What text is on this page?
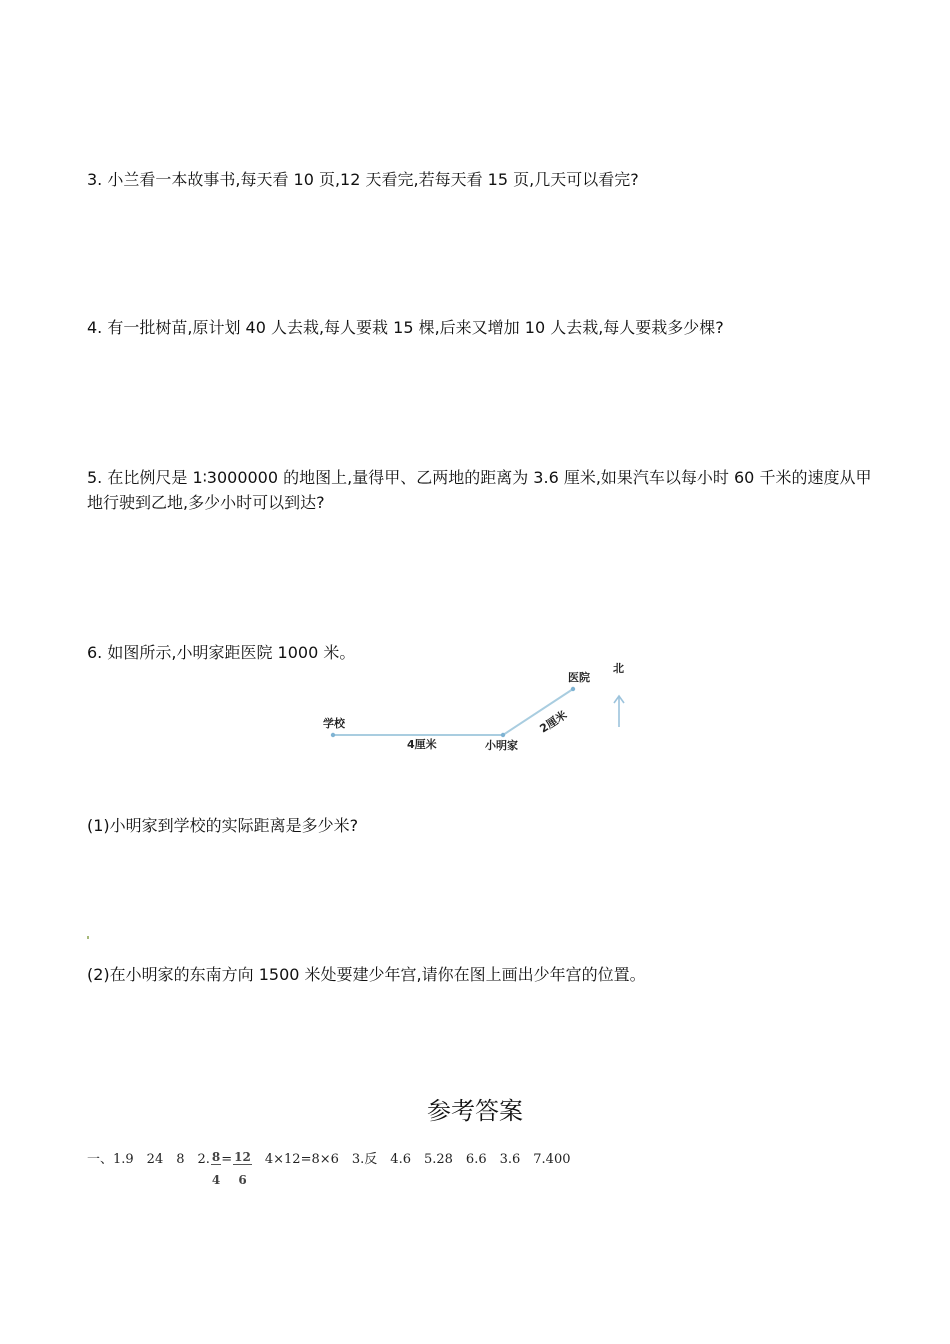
3. 小兰看一本故事书,每天看 10 页,12 天看完,若每天看 15 页,几天可以看完?
4. 有一批树苗,原计划 40 人去栽,每人要栽 15 棵,后来又增加 10 人去栽,每人要栽多少棵?
5. 在比例尺是 1∶3000000 的地图上,量得甲、乙两地的距离为 3.6 厘米,如果汽车以每小时 60 千米的速度从甲地行驶到乙地,多少小时可以到达?
6. 如图所示,小明家距医院 1000 米。
学校
4厘米	小明家
2厘米
医院
北
(1)小明家到学校的实际距离是多少米?
(2)在小明家的东南方向 1500 米处要建少年宫,请你在图上画出少年宫的位置。
参考答案
一、1.9　24　8　2. $\frac{8}{4} = \frac{12}{6}$ 　4×12=8×6　3.反　4.6　5.28　6.6　3.6　7.400
